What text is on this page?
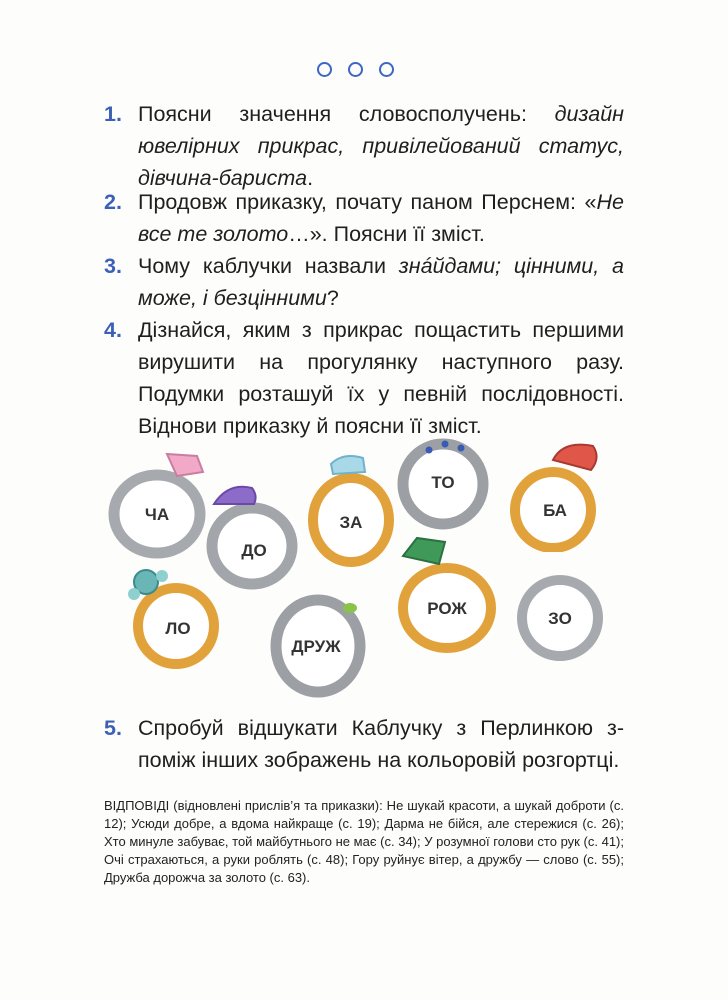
1. Поясни значення словосполучень: дизайн ювелірних прикрас, привілейований статус, дівчина-бариста.

2. Продовж приказку, почату паном Перснем: «Не все те золото…». Поясни її зміст.

3. Чому каблучки назвали знáйдами; цінними, а може, і безцінними?

4. Дізнайся, яким з прикрас пощастить першими вирушити на прогулянку наступного разу. Подумки розташуй їх у певній послідовності. Віднови приказку й поясни її зміст.

ЧА
ДО
ЗА
ТО
БА
ЛО
ДРУЖ
РОЖ
ЗО
5. Спробуй відшукати Каблучку з Перлинкою з-поміж інших зображень на кольоровій розгортці.

ВІДПОВІДІ (відновлені прислів’я та приказки): Не шукай красоти, а шукай доброти (с. 12); Усюди добре, а вдома найкраще (с. 19); Дарма не бійся, але стережися (с. 26); Хто минуле забуває, той майбутнього не має (с. 34); У розумної голови сто рук (с. 41); Очі страхаються, а руки роблять (с. 48); Гору руйнує вітер, а дружбу — слово (с. 55); Дружба дорожча за золото (с. 63).
